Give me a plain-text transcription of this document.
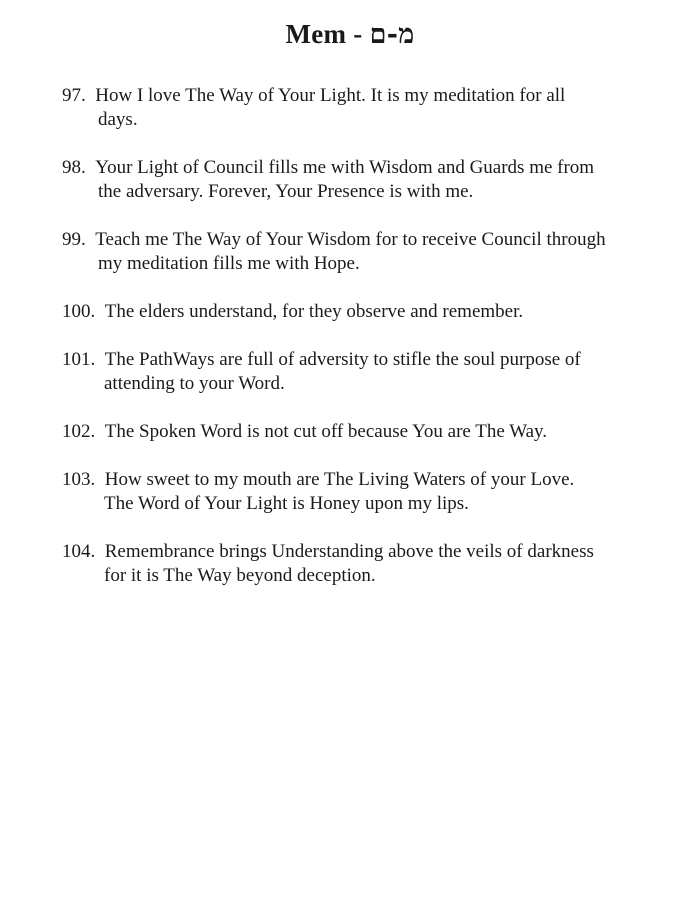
Mem - מ-ם
97. How I love The Way of Your Light. It is my meditation for all
days.
98. Your Light of Council fills me with Wisdom and Guards me from
the adversary. Forever, Your Presence is with me.
99. Teach me The Way of Your Wisdom for to receive Council through
my meditation fills me with Hope.
100. The elders understand, for they observe and remember.
101. The PathWays are full of adversity to stifle the soul purpose of
attending to your Word.
102. The Spoken Word is not cut off because You are The Way.
103. How sweet to my mouth are The Living Waters of your Love.
The Word of Your Light is Honey upon my lips.
104. Remembrance brings Understanding above the veils of darkness
for it is The Way beyond deception.
